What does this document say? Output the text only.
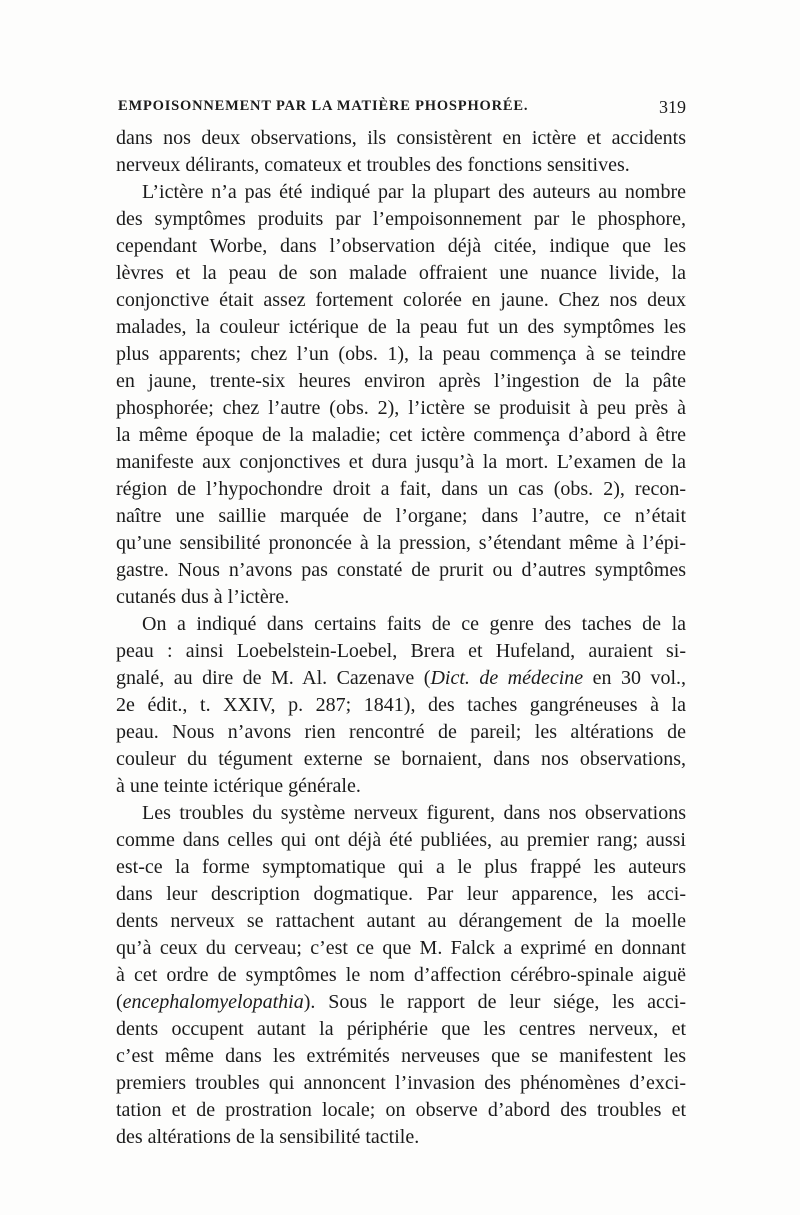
EMPOISONNEMENT PAR LA MATIÈRE PHOSPHORÉE.	319
dans nos deux observations, ils consistèrent en ictère et accidents
nerveux délirants, comateux et troubles des fonctions sensitives.
L’ictère n’a pas été indiqué par la plupart des auteurs au nombre
des symptômes produits par l’empoisonnement par le phosphore,
cependant Worbe, dans l’observation déjà citée, indique que les
lèvres et la peau de son malade offraient une nuance livide, la
conjonctive était assez fortement colorée en jaune. Chez nos deux
malades, la couleur ictérique de la peau fut un des symptômes les
plus apparents; chez l’un (obs. 1), la peau commença à se teindre
en jaune, trente-six heures environ après l’ingestion de la pâte
phosphorée; chez l’autre (obs. 2), l’ictère se produisit à peu près à
la même époque de la maladie; cet ictère commença d’abord à être
manifeste aux conjonctives et dura jusqu’à la mort. L’examen de la
région de l’hypochondre droit a fait, dans un cas (obs. 2), recon-
naître une saillie marquée de l’organe; dans l’autre, ce n’était
qu’une sensibilité prononcée à la pression, s’étendant même à l’épi-
gastre. Nous n’avons pas constaté de prurit ou d’autres symptômes
cutanés dus à l’ictère.
On a indiqué dans certains faits de ce genre des taches de la
peau : ainsi Loebelstein-Loebel, Brera et Hufeland, auraient si-
gnalé, au dire de M. Al. Cazenave (Dict. de médecine en 30 vol.,
2e édit., t. XXIV, p. 287; 1841), des taches gangréneuses à la
peau. Nous n’avons rien rencontré de pareil; les altérations de
couleur du tégument externe se bornaient, dans nos observations,
à une teinte ictérique générale.
Les troubles du système nerveux figurent, dans nos observations
comme dans celles qui ont déjà été publiées, au premier rang; aussi
est-ce la forme symptomatique qui a le plus frappé les auteurs
dans leur description dogmatique. Par leur apparence, les acci-
dents nerveux se rattachent autant au dérangement de la moelle
qu’à ceux du cerveau; c’est ce que M. Falck a exprimé en donnant
à cet ordre de symptômes le nom d’affection cérébro-spinale aiguë
(encephalomyelopathia). Sous le rapport de leur siége, les acci-
dents occupent autant la périphérie que les centres nerveux, et
c’est même dans les extrémités nerveuses que se manifestent les
premiers troubles qui annoncent l’invasion des phénomènes d’exci-
tation et de prostration locale; on observe d’abord des troubles et
des altérations de la sensibilité tactile.
